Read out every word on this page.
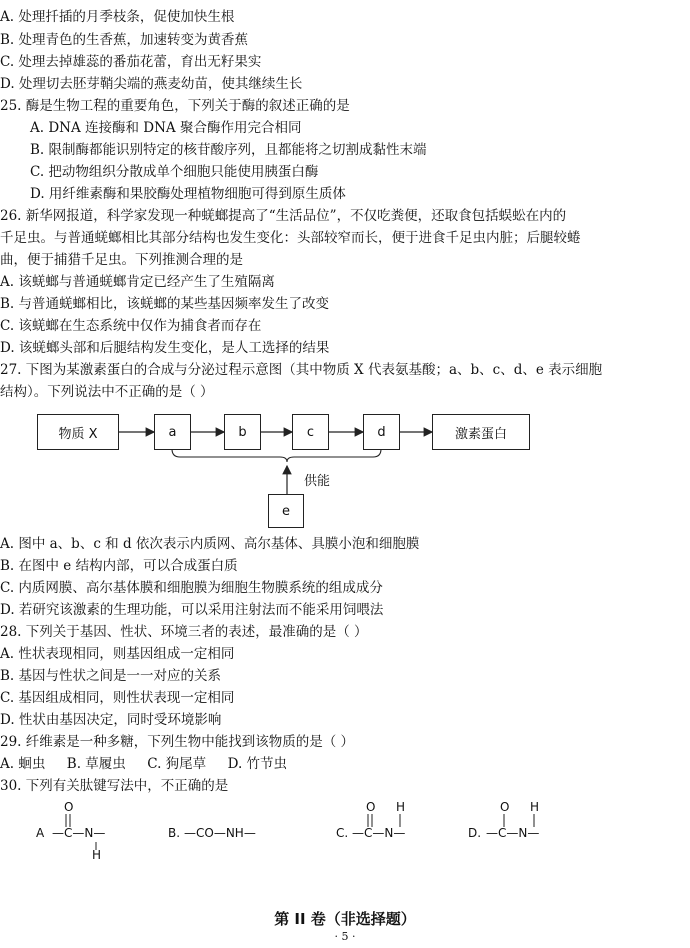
A. 处理扦插的月季枝条，促使加快生根
B. 处理青色的生香蕉，加速转变为黄香蕉
C. 处理去掉雄蕊的番茄花蕾，育出无籽果实
D. 处理切去胚芽鞘尖端的燕麦幼苗，使其继续生长
25. 酶是生物工程的重要角色，下列关于酶的叙述正确的是
A. DNA 连接酶和 DNA 聚合酶作用完合相同
B. 限制酶都能识别特定的核苷酸序列，且都能将之切割成黏性末端
C. 把动物组织分散成单个细胞只能使用胰蛋白酶
D. 用纤维素酶和果胶酶处理植物细胞可得到原生质体
26. 新华网报道，科学家发现一种蜣螂提高了“生活品位”，不仅吃粪便，还取食包括蜈蚣在内的
千足虫。与普通蜣螂相比其部分结构也发生变化：头部较窄而长，便于进食千足虫内脏；后腿较蜷
曲，便于捕猎千足虫。下列推测合理的是
A. 该蜣螂与普通蜣螂肯定已经产生了生殖隔离
B. 与普通蜣螂相比，该蜣螂的某些基因频率发生了改变
C. 该蜣螂在生态系统中仅作为捕食者而存在
D. 该蜣螂头部和后腿结构发生变化，是人工选择的结果
27. 下图为某激素蛋白的合成与分泌过程示意图（其中物质 X 代表氨基酸；a、b、c、d、e 表示细胞
结构）。下列说法中不正确的是（ ）
物质 X	a	b	c	d	激素蛋白
供能
e
A. 图中 a、b、c 和 d 依次表示内质网、高尔基体、具膜小泡和细胞膜
B. 在图中 e 结构内部，可以合成蛋白质
C. 内质网膜、高尔基体膜和细胞膜为细胞生物膜系统的组成成分
D. 若研究该激素的生理功能，可以采用注射法而不能采用饲喂法
28. 下列关于基因、性状、环境三者的表述，最准确的是（ ）
A. 性状表现相同，则基因组成一定相同
B. 基因与性状之间是一一对应的关系
C. 基因组成相同，则性状表现一定相同
D. 性状由基因决定，同时受环境影响
29. 纤维素是一种多糖，下列生物中能找到该物质的是（ ）
A. 蛔虫     B. 草履虫     C. 狗尾草     D. 竹节虫
30. 下列有关肽键写法中，不正确的是
A —C—N—
O
H
B. —CO—NH—	C. —C—N—
O H
D. —C—N—
O H
第 II 卷（非选择题）
· 5 ·
